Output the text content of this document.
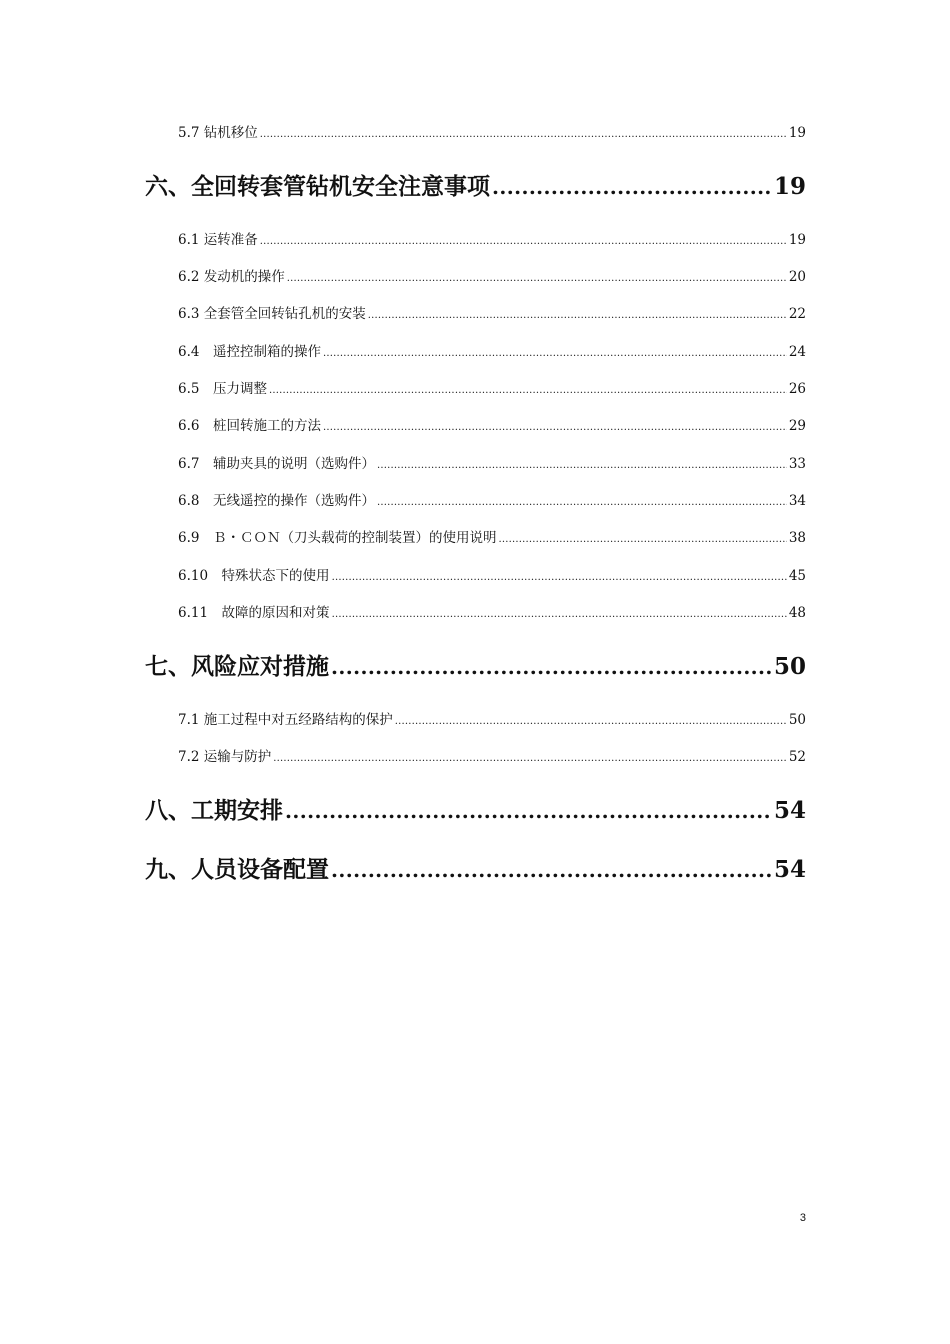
5.7 钻机移位 .....	19
六、全回转套管钻机安全注意事项 .....	19
6.1 运转准备 .....	19
6.2 发动机的操作 .....	20
6.3 全套管全回转钻孔机的安装 .....	22
6.4　遥控控制箱的操作 .....	24
6.5　压力调整 .....	26
6.6　桩回转施工的方法 .....	29
6.7　辅助夹具的说明（选购件） .....	33
6.8　无线遥控的操作（选购件） .....	34
6.9　Ｂ・ＣＯＮ（刀头载荷的控制装置）的使用说明 .....	38
6.10　特殊状态下的使用 .....	45
6.11　故障的原因和对策 .....	48
七、风险应对措施 .....	50
7.1 施工过程中对五经路结构的保护 .....	50
7.2 运输与防护 .....	52
八、工期安排 .....	54
九、人员设备配置 .....	54
3
